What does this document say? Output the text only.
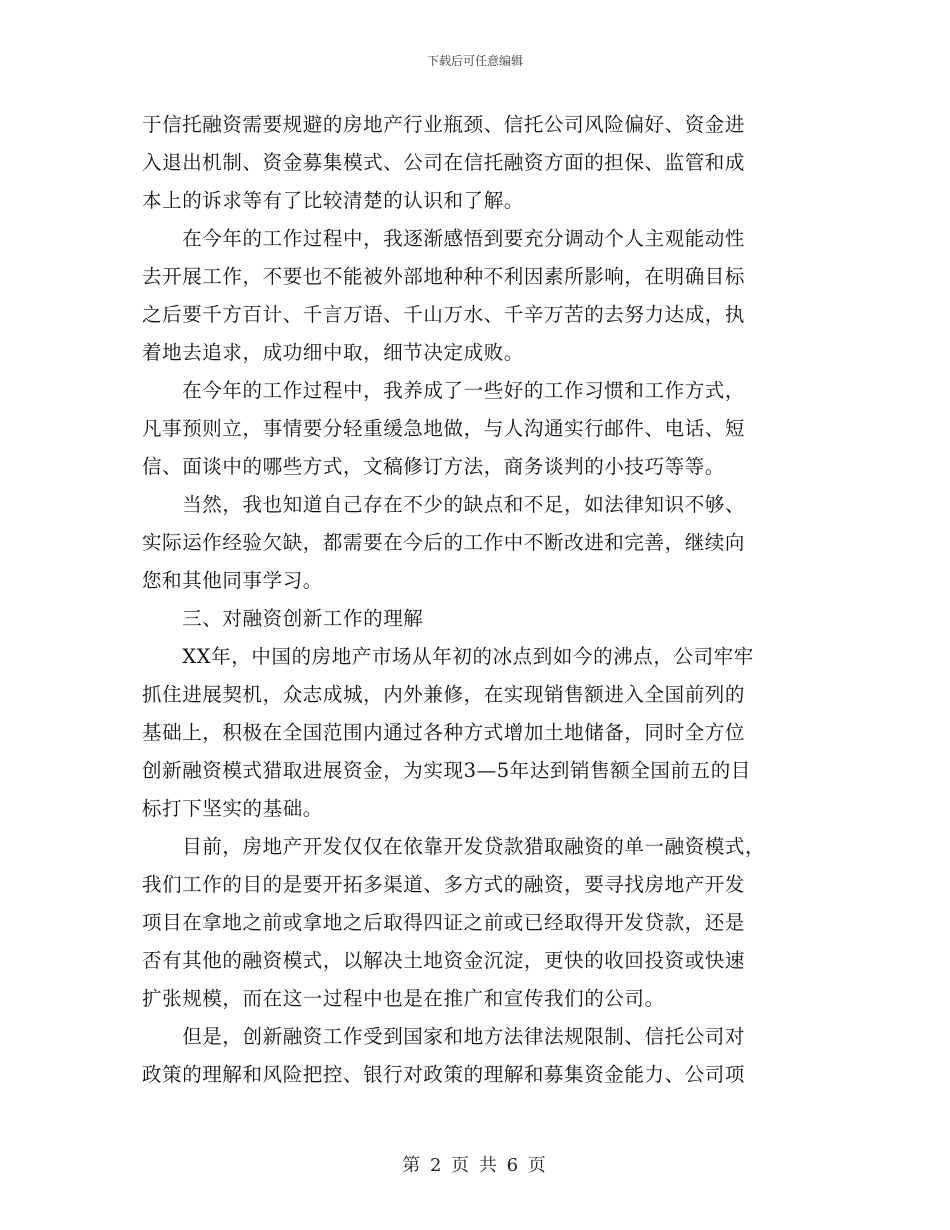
下载后可任意编辑
于信托融资需要规避的房地产行业瓶颈、信托公司风险偏好、资金进
入退出机制、资金募集模式、公司在信托融资方面的担保、监管和成
本上的诉求等有了比较清楚的认识和了解。
　　在今年的工作过程中，我逐渐感悟到要充分调动个人主观能动性
去开展工作，不要也不能被外部地种种不利因素所影响，在明确目标
之后要千方百计、千言万语、千山万水、千辛万苦的去努力达成，执
着地去追求，成功细中取，细节决定成败。
　　在今年的工作过程中，我养成了一些好的工作习惯和工作方式，
凡事预则立，事情要分轻重缓急地做，与人沟通实行邮件、电话、短
信、面谈中的哪些方式，文稿修订方法，商务谈判的小技巧等等。
　　当然，我也知道自己存在不少的缺点和不足，如法律知识不够、
实际运作经验欠缺，都需要在今后的工作中不断改进和完善，继续向
您和其他同事学习。
　　三、对融资创新工作的理解
　　XX年，中国的房地产市场从年初的冰点到如今的沸点，公司牢牢
抓住进展契机，众志成城，内外兼修，在实现销售额进入全国前列的
基础上，积极在全国范围内通过各种方式增加土地储备，同时全方位
创新融资模式猎取进展资金，为实现3—5年达到销售额全国前五的目
标打下坚实的基础。
　　目前，房地产开发仅仅在依靠开发贷款猎取融资的单一融资模式，
我们工作的目的是要开拓多渠道、多方式的融资，要寻找房地产开发
项目在拿地之前或拿地之后取得四证之前或已经取得开发贷款，还是
否有其他的融资模式，以解决土地资金沉淀，更快的收回投资或快速
扩张规模，而在这一过程中也是在推广和宣传我们的公司。
　　但是，创新融资工作受到国家和地方法律法规限制、信托公司对
政策的理解和风险把控、银行对政策的理解和募集资金能力、公司项
第 2 页 共 6 页
